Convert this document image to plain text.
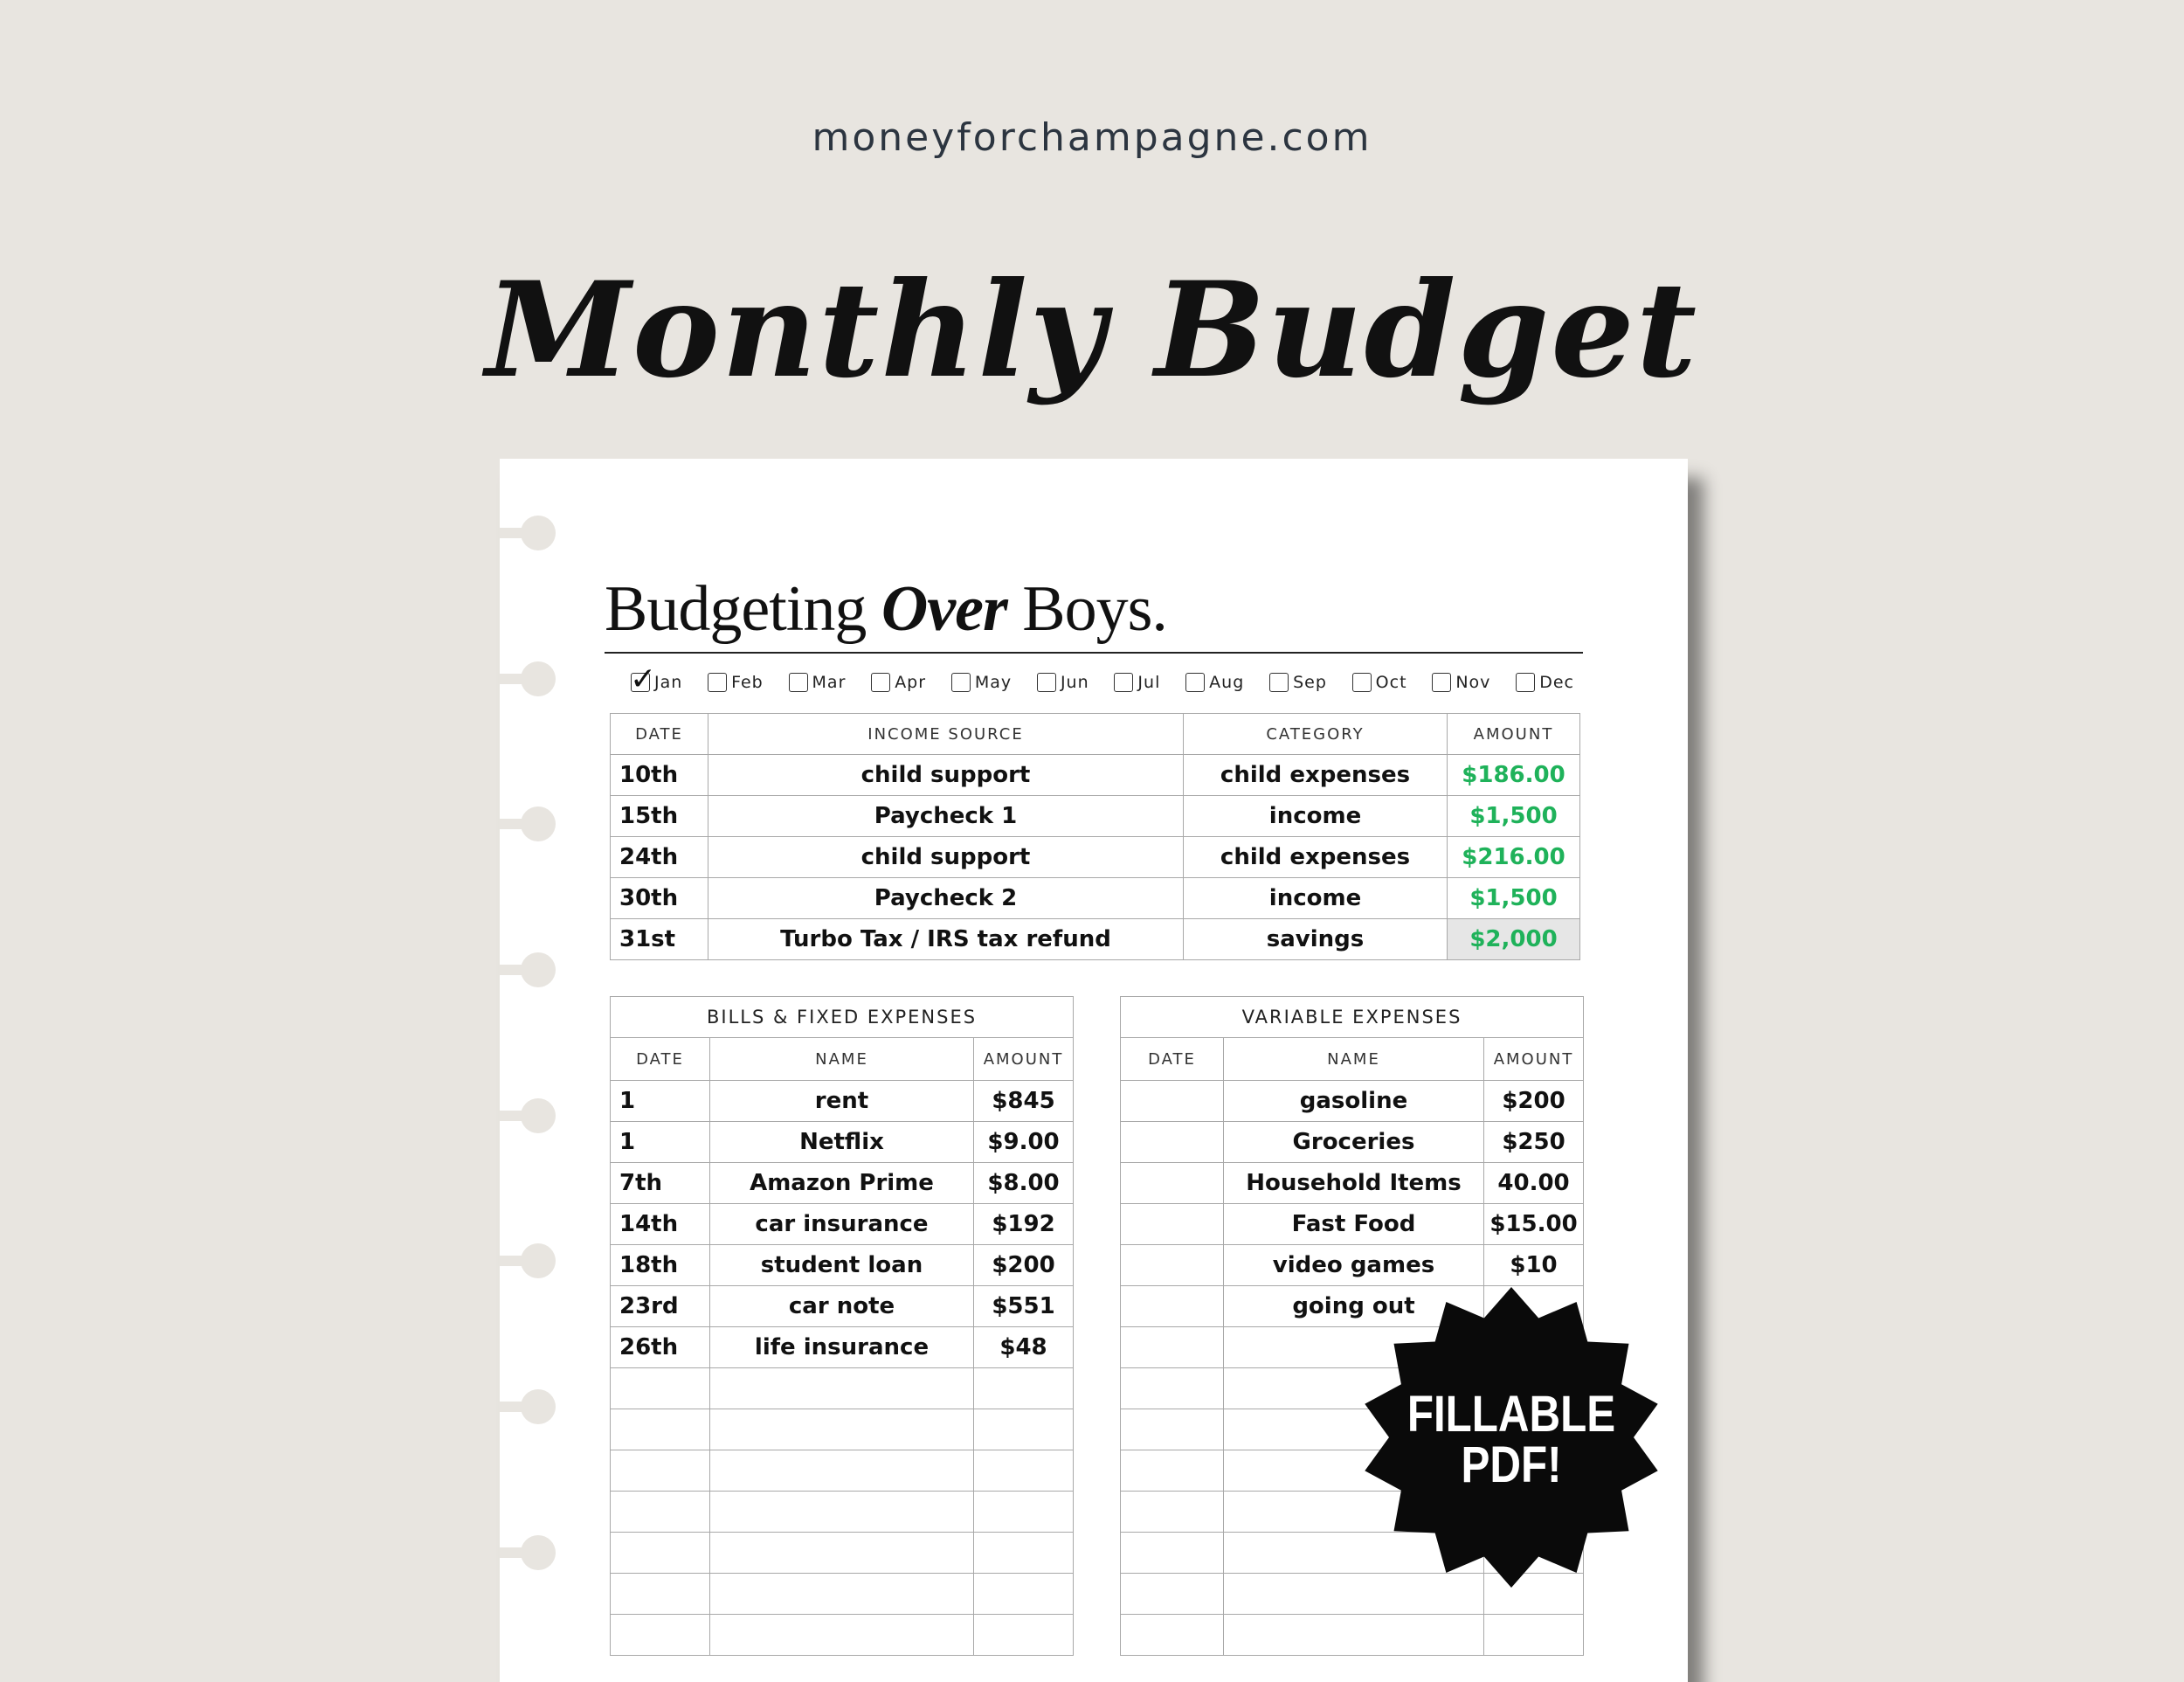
moneyforchampagne.com
Monthly Budget
Budgeting Over Boys.
✓
Jan	Feb	Mar	Apr	May	Jun	Jul	Aug	Sep	Oct	Nov	Dec
DATE	INCOME SOURCE	CATEGORY	AMOUNT
10th	child support	child expenses	$186.00
15th	Paycheck 1	income	$1,500
24th	child support	child expenses	$216.00
30th	Paycheck 2	income	$1,500
31st	Turbo Tax / IRS tax refund	savings	$2,000
BILLS & FIXED EXPENSES		
DATE	NAME	AMOUNT
1	rent	$845
1	Netflix	$9.00
7th	Amazon Prime	$8.00
14th	car insurance	$192
18th	student loan	$200
23rd	car note	$551
26th	life insurance	$48

VARIABLE EXPENSES		
DATE	NAME	AMOUNT
	gasoline	$200
	Groceries	$250
	Household Items	40.00
	Fast Food	$15.00
	video games	$10
	going out	

FILLABLE
PDF!
